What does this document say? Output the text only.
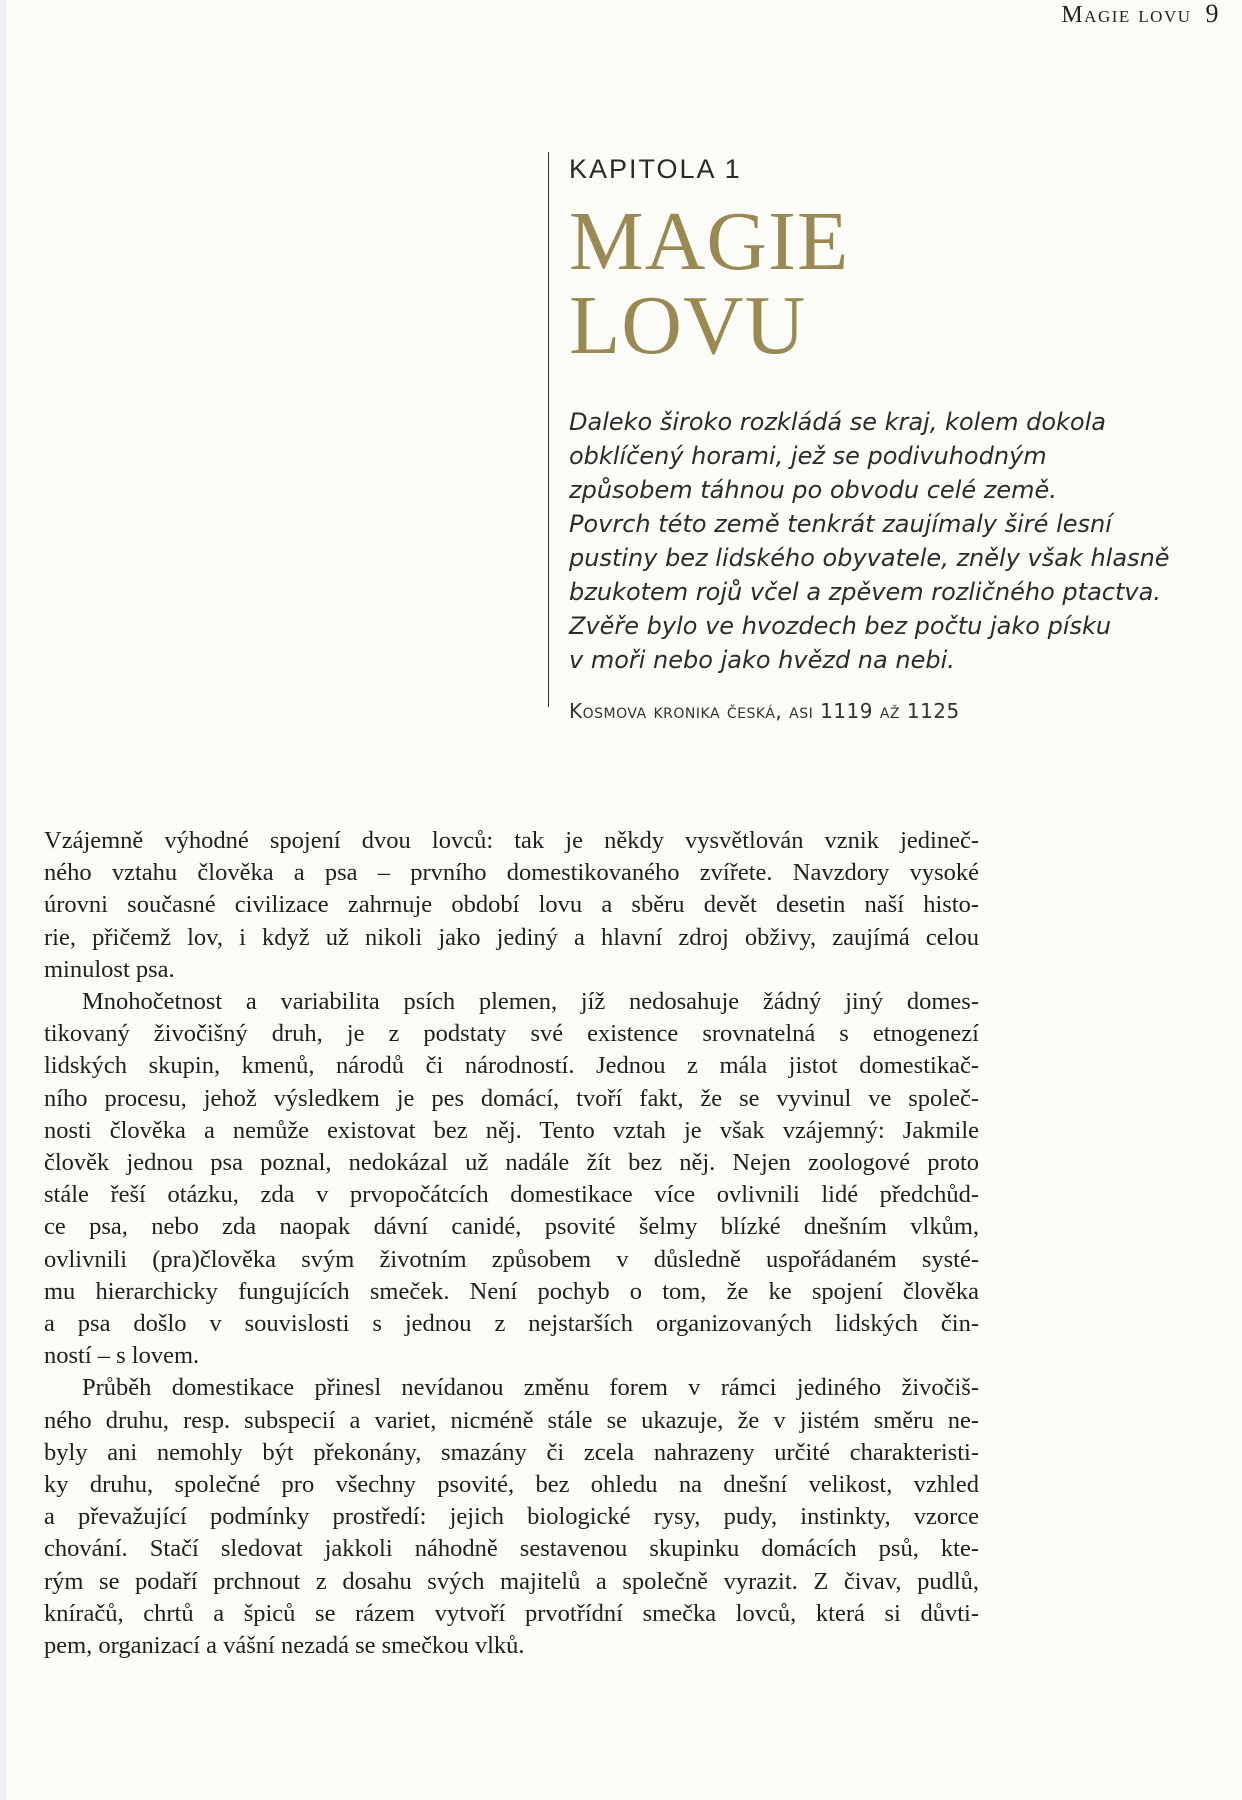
Magie lovu 9
KAPITOLA 1
MAGIE
LOVU
Daleko široko rozkládá se kraj, kolem dokola
obklíčený horami, jež se podivuhodným
způsobem táhnou po obvodu celé země.
Povrch této země tenkrát zaujímaly širé lesní
pustiny bez lidského obyvatele, zněly však hlasně
bzukotem rojů včel a zpěvem rozličného ptactva.
Zvěře bylo ve hvozdech bez počtu jako písku
v moři nebo jako hvězd na nebi.
Kosmova kronika česká, asi 1119 až 1125
Vzájemně výhodné spojení dvou lovců: tak je někdy vysvětlován vznik jedineč-
ného vztahu člověka a psa – prvního domestikovaného zvířete. Navzdory vysoké
úrovni současné civilizace zahrnuje období lovu a sběru devět desetin naší histo-
rie, přičemž lov, i když už nikoli jako jediný a hlavní zdroj obživy, zaujímá celou
minulost psa.
Mnohočetnost a variabilita psích plemen, jíž nedosahuje žádný jiný domes-
tikovaný živočišný druh, je z podstaty své existence srovnatelná s etnogenezí
lidských skupin, kmenů, národů či národností. Jednou z mála jistot domestikač-
ního procesu, jehož výsledkem je pes domácí, tvoří fakt, že se vyvinul ve společ-
nosti člověka a nemůže existovat bez něj. Tento vztah je však vzájemný: Jakmile
člověk jednou psa poznal, nedokázal už nadále žít bez něj. Nejen zoologové proto
stále řeší otázku, zda v prvopočátcích domestikace více ovlivnili lidé předchůd-
ce psa, nebo zda naopak dávní canidé, psovité šelmy blízké dnešním vlkům,
ovlivnili (pra)člověka svým životním způsobem v důsledně uspořádaném systé-
mu hierarchicky fungujících smeček. Není pochyb o tom, že ke spojení člověka
a psa došlo v souvislosti s jednou z nejstarších organizovaných lidských čin-
ností – s lovem.
Průběh domestikace přinesl nevídanou změnu forem v rámci jediného živočiš-
ného druhu, resp. subspecií a variet, nicméně stále se ukazuje, že v jistém směru ne-
byly ani nemohly být překonány, smazány či zcela nahrazeny určité charakteristi-
ky druhu, společné pro všechny psovité, bez ohledu na dnešní velikost, vzhled
a převažující podmínky prostředí: jejich biologické rysy, pudy, instinkty, vzorce
chování. Stačí sledovat jakkoli náhodně sestavenou skupinku domácích psů, kte-
rým se podaří prchnout z dosahu svých majitelů a společně vyrazit. Z čivav, pudlů,
kníračů, chrtů a špiců se rázem vytvoří prvotřídní smečka lovců, která si důvti-
pem, organizací a vášní nezadá se smečkou vlků.
